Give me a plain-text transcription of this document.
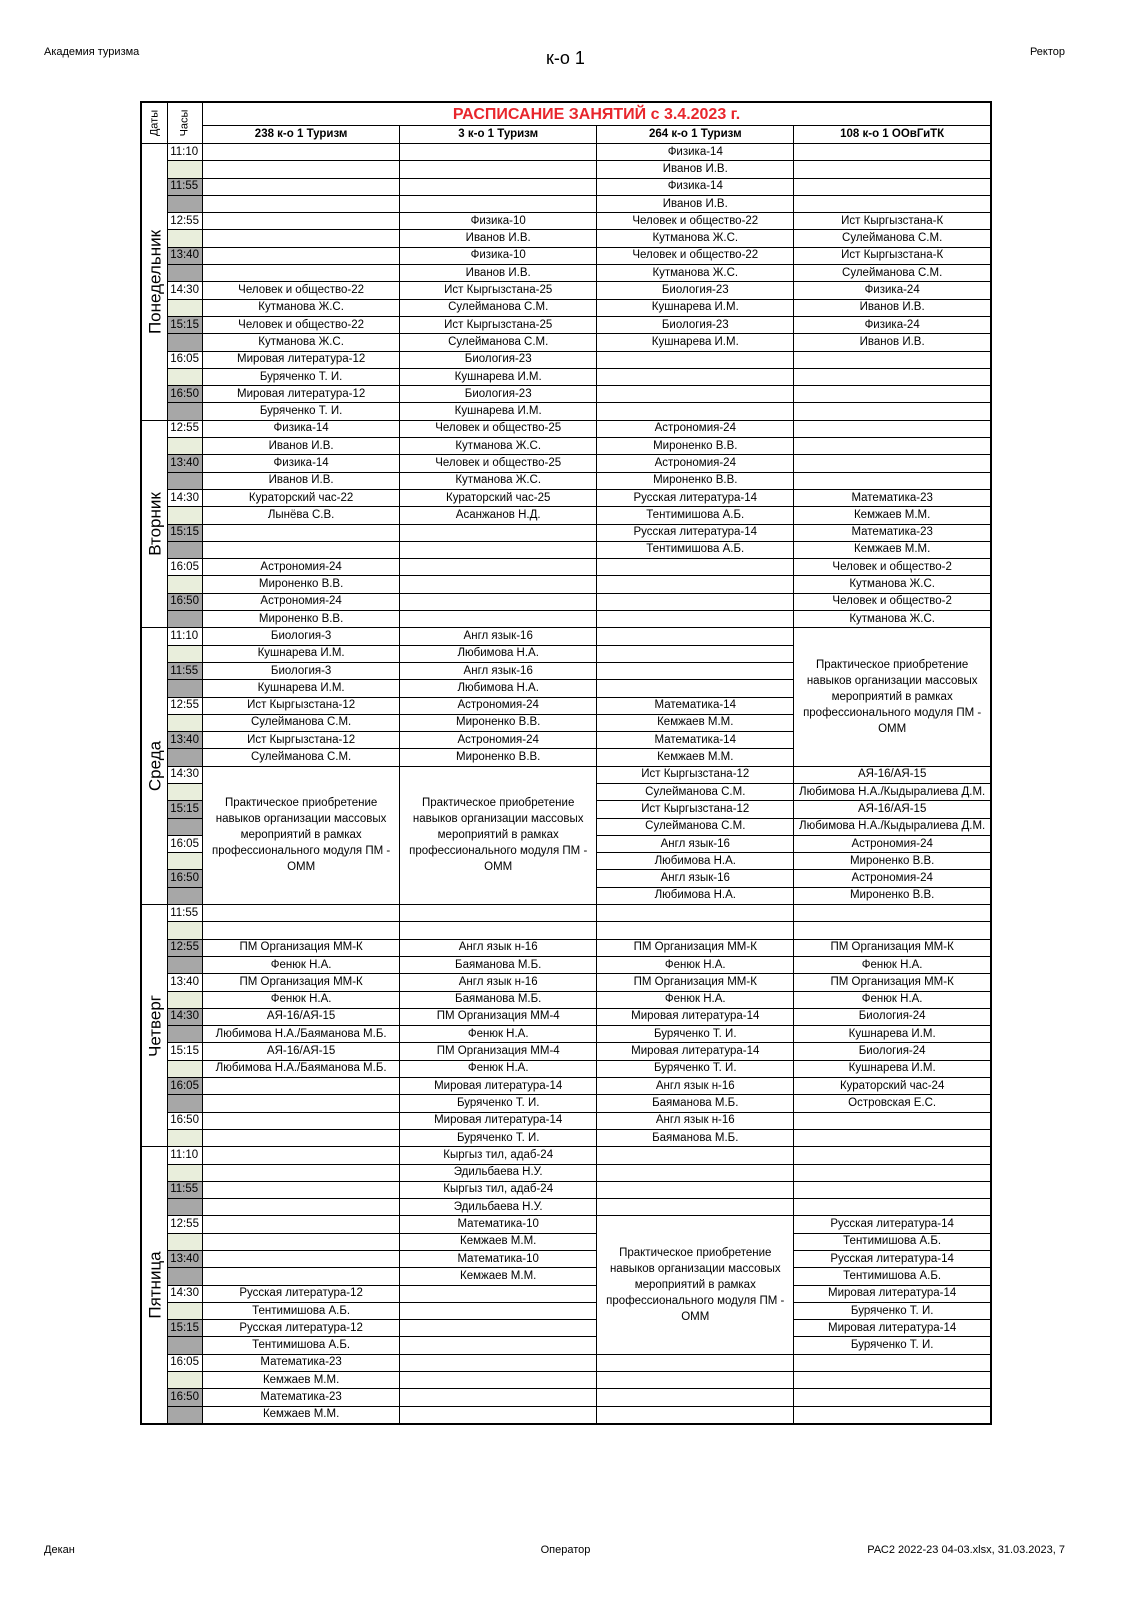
Академия туризма	к-о 1	Ректор
Даты	Часы	РАСПИСАНИЕ ЗАНЯТИЙ с 3.4.2023 г.			
		238 к-о 1 Туризм	3 к-о 1 Туризм	264 к-о 1 Туризм	108 к-о 1 ООвГиТК

Понедельник	11:10			Физика-14	
				Иванов И.В.	
	11:55			Физика-14	
				Иванов И.В.	
	12:55		Физика-10	Человек и общество-22	Ист Кыргызстана-К
			Иванов И.В.	Кутманова Ж.С.	Сулейманова С.М.
	13:40		Физика-10	Человек и общество-22	Ист Кыргызстана-К
			Иванов И.В.	Кутманова Ж.С.	Сулейманова С.М.
	14:30	Человек и общество-22	Ист Кыргызстана-25	Биология-23	Физика-24
		Кутманова Ж.С.	Сулейманова С.М.	Кушнарева И.М.	Иванов И.В.
	15:15	Человек и общество-22	Ист Кыргызстана-25	Биология-23	Физика-24
		Кутманова Ж.С.	Сулейманова С.М.	Кушнарева И.М.	Иванов И.В.
	16:05	Мировая литература-12	Биология-23		
		Буряченко Т. И.	Кушнарева И.М.		
	16:50	Мировая литература-12	Биология-23		
		Буряченко Т. И.	Кушнарева И.М.		

Вторник	12:55	Физика-14	Человек и общество-25	Астрономия-24	
		Иванов И.В.	Кутманова Ж.С.	Мироненко В.В.	
	13:40	Физика-14	Человек и общество-25	Астрономия-24	
		Иванов И.В.	Кутманова Ж.С.	Мироненко В.В.	
	14:30	Кураторский час-22	Кураторский час-25	Русская литература-14	Математика-23
		Лынёва С.В.	Асанжанов Н.Д.	Тентимишова А.Б.	Кемжаев М.М.
	15:15			Русская литература-14	Математика-23
				Тентимишова А.Б.	Кемжаев М.М.
	16:05	Астрономия-24			Человек и общество-2
		Мироненко В.В.			Кутманова Ж.С.
	16:50	Астрономия-24			Человек и общество-2
		Мироненко В.В.			Кутманова Ж.С.

Среда	11:10	Биология-3	Англ язык-16		Практическое приобретение навыков организации массовых мероприятий в рамках профессионального модуля ПМ - ОММ
		Кушнарева И.М.	Любимова Н.А.		
	11:55	Биология-3	Англ язык-16		
		Кушнарева И.М.	Любимова Н.А.		
	12:55	Ист Кыргызстана-12	Астрономия-24	Математика-14	
		Сулейманова С.М.	Мироненко В.В.	Кемжаев М.М.	
	13:40	Ист Кыргызстана-12	Астрономия-24	Математика-14	
		Сулейманова С.М.	Мироненко В.В.	Кемжаев М.М.	
	14:30	Практическое приобретение навыков организации массовых мероприятий в рамках профессионального модуля ПМ - ОММ	Практическое приобретение навыков организации массовых мероприятий в рамках профессионального модуля ПМ - ОММ	Ист Кыргызстана-12	АЯ-16/АЯ-15
				Сулейманова С.М.	Любимова Н.А./Кыдыралиева Д.М.
	15:15			Ист Кыргызстана-12	АЯ-16/АЯ-15
				Сулейманова С.М.	Любимова Н.А./Кыдыралиева Д.М.
	16:05			Англ язык-16	Астрономия-24
				Любимова Н.А.	Мироненко В.В.
	16:50			Англ язык-16	Астрономия-24
				Любимова Н.А.	Мироненко В.В.

Четверг	11:55				

	12:55	ПМ Организация ММ-К	Англ язык н-16	ПМ Организация ММ-К	ПМ Организация ММ-К
		Фенюк Н.А.	Баяманова М.Б.	Фенюк Н.А.	Фенюк Н.А.
	13:40	ПМ Организация ММ-К	Англ язык н-16	ПМ Организация ММ-К	ПМ Организация ММ-К
		Фенюк Н.А.	Баяманова М.Б.	Фенюк Н.А.	Фенюк Н.А.
	14:30	АЯ-16/АЯ-15	ПМ Организация ММ-4	Мировая литература-14	Биология-24
		Любимова Н.А./Баяманова М.Б.	Фенюк Н.А.	Буряченко Т. И.	Кушнарева И.М.
	15:15	АЯ-16/АЯ-15	ПМ Организация ММ-4	Мировая литература-14	Биология-24
		Любимова Н.А./Баяманова М.Б.	Фенюк Н.А.	Буряченко Т. И.	Кушнарева И.М.
	16:05		Мировая литература-14	Англ язык н-16	Кураторский час-24
			Буряченко Т. И.	Баяманова М.Б.	Островская Е.С.
	16:50		Мировая литература-14	Англ язык н-16	
			Буряченко Т. И.	Баяманова М.Б.	

Пятница	11:10		Кыргыз тил, адаб-24		
			Эдильбаева Н.У.		
	11:55		Кыргыз тил, адаб-24		
			Эдильбаева Н.У.		
	12:55		Математика-10	Практическое приобретение навыков организации массовых мероприятий в рамках профессионального модуля ПМ - ОММ	Русская литература-14
			Кемжаев М.М.		Тентимишова А.Б.
	13:40		Математика-10		Русская литература-14
			Кемжаев М.М.		Тентимишова А.Б.
	14:30	Русская литература-12			Мировая литература-14
		Тентимишова А.Б.			Буряченко Т. И.
	15:15	Русская литература-12			Мировая литература-14
		Тентимишова А.Б.			Буряченко Т. И.
	16:05	Математика-23			
		Кемжаев М.М.			
	16:50	Математика-23			
		Кемжаев М.М.			
Декан	Оператор	РАС2 2022-23 04-03.xlsx, 31.03.2023, 7
